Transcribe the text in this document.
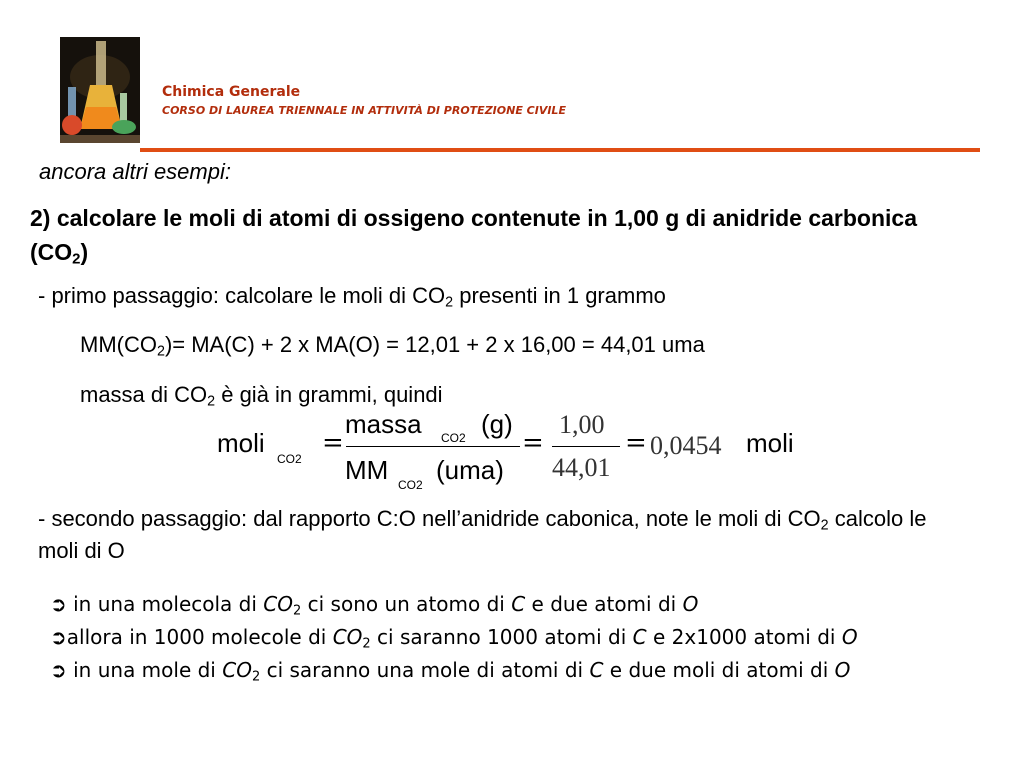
Chimica Generale
CORSO DI LAUREA TRIENNALE IN ATTIVITÀ DI PROTEZIONE CIVILE
ancora altri esempi:
2) calcolare le moli di atomi di ossigeno contenute in 1,00 g di anidride carbonica $(CO_2)$
- primo passaggio: calcolare le moli di $CO_2$ presenti in 1 grammo
$MM(CO_2)= MA(C) + 2$ x MA(O) = 12,01 + 2 x 16,00 = 44,01 uma
massa di $CO_2$ è già in grammi, quindi
moli
CO2
=
massa CO2 (g)
MM CO2 (uma)
=
1,00
44,01
= 0,0454 moli
- secondo passaggio: dal rapporto C:O nell’anidride cabonica, note le moli di $CO_2$ calcolo le moli di O

➲ in una molecola di $CO_2$ ci sono un atomo di C e due atomi di O

➲allora in 1000 molecole di $CO_2$ ci saranno 1000 atomi di C e 2x1000 atomi di O

➲ in una mole di $CO_2$ ci saranno una mole di atomi di C e due moli di atomi di O
